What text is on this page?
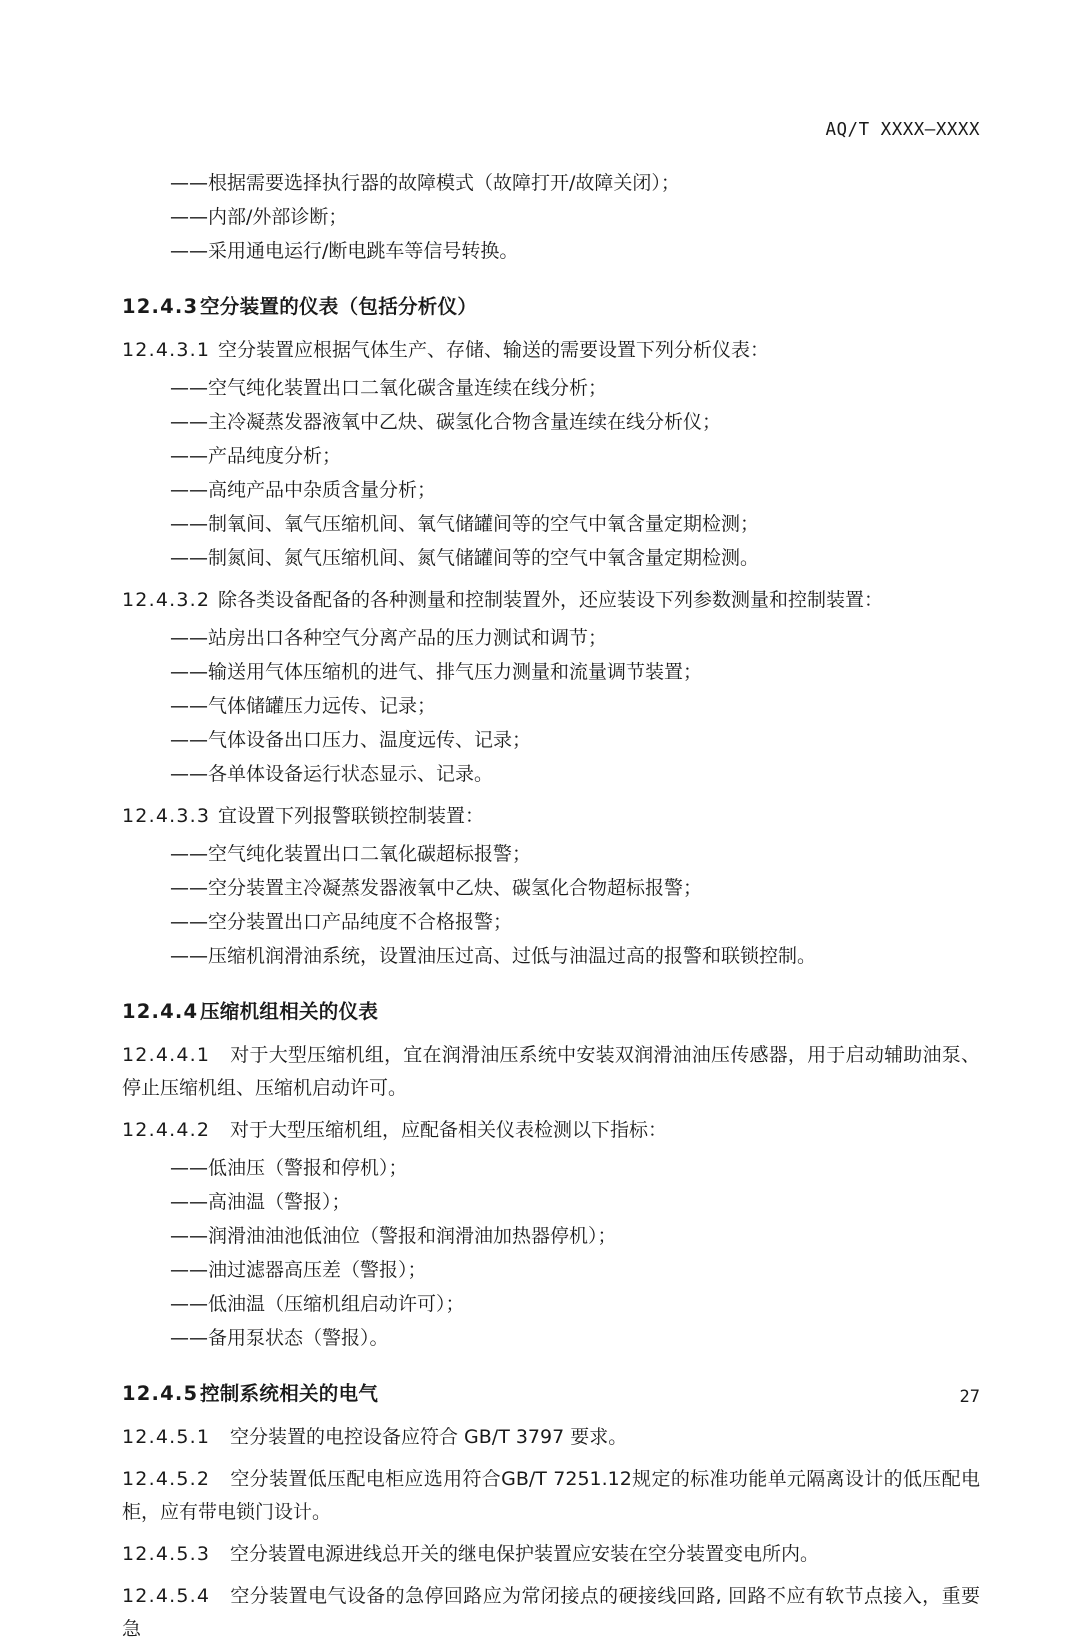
AQ/T XXXX—XXXX
——根据需要选择执行器的故障模式（故障打开/故障关闭）；
——内部/外部诊断；
——采用通电运行/断电跳车等信号转换。
12.4.3空分装置的仪表（包括分析仪）
12.4.3.1 空分装置应根据气体生产、存储、输送的需要设置下列分析仪表：
——空气纯化装置出口二氧化碳含量连续在线分析；
——主冷凝蒸发器液氧中乙炔、碳氢化合物含量连续在线分析仪；
——产品纯度分析；
——高纯产品中杂质含量分析；
——制氧间、氧气压缩机间、氧气储罐间等的空气中氧含量定期检测；
——制氮间、氮气压缩机间、氮气储罐间等的空气中氧含量定期检测。
12.4.3.2 除各类设备配备的各种测量和控制装置外，还应装设下列参数测量和控制装置：
——站房出口各种空气分离产品的压力测试和调节；
——输送用气体压缩机的进气、排气压力测量和流量调节装置；
——气体储罐压力远传、记录；
——气体设备出口压力、温度远传、记录；
——各单体设备运行状态显示、记录。
12.4.3.3 宜设置下列报警联锁控制装置：
——空气纯化装置出口二氧化碳超标报警；
——空分装置主冷凝蒸发器液氧中乙炔、碳氢化合物超标报警；
——空分装置出口产品纯度不合格报警；
——压缩机润滑油系统，设置油压过高、过低与油温过高的报警和联锁控制。
12.4.4压缩机组相关的仪表
12.4.4.1 对于大型压缩机组，宜在润滑油压系统中安装双润滑油油压传感器，用于启动辅助油泵、停止压缩机组、压缩机启动许可。
12.4.4.2 对于大型压缩机组，应配备相关仪表检测以下指标：
——低油压（警报和停机）；
——高油温（警报）；
——润滑油油池低油位（警报和润滑油加热器停机）；
——油过滤器高压差（警报）；
——低油温（压缩机组启动许可）；
——备用泵状态（警报）。
12.4.5控制系统相关的电气
12.4.5.1 空分装置的电控设备应符合 GB/T 3797 要求。
12.4.5.2 空分装置低压配电柜应选用符合GB/T 7251.12规定的标准功能单元隔离设计的低压配电柜，应有带电锁门设计。
12.4.5.3 空分装置电源进线总开关的继电保护装置应安装在空分装置变电所内。
12.4.5.4 空分装置电气设备的急停回路应为常闭接点的硬接线回路, 回路不应有软节点接入，重要急
27
